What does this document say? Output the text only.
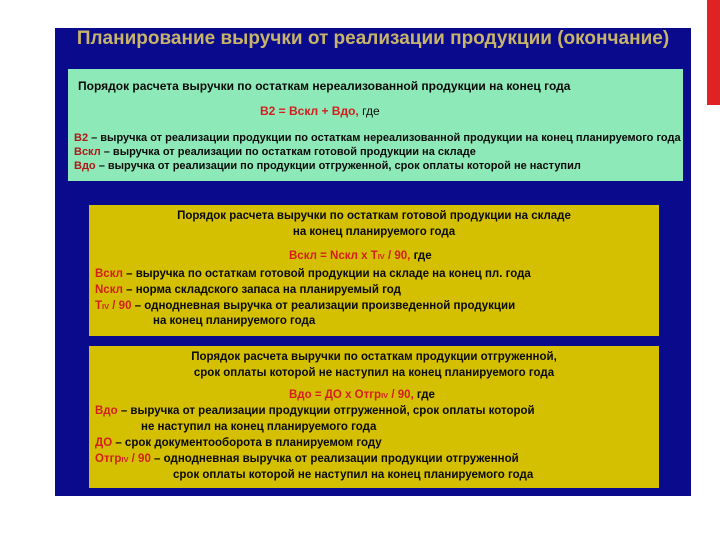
Планирование выручки от реализации продукции (окончание)
Порядок расчета выручки по остаткам нереализованной продукции на конец года
В2 = Вскл + Вдо, где
В2 – выручка от реализации продукции по остаткам нереализованной продукции на конец планируемого года
Вскл – выручка от реализации по остаткам готовой продукции на складе
Вдо – выручка от реализации по продукции отгруженной, срок оплаты которой не наступил
Порядок расчета выручки по остаткам готовой продукции на складе
на конец планируемого года
Вскл = Nскл х ТIV / 90, где
Вскл – выручка по остаткам готовой продукции на складе на конец пл. года
Nскл – норма складского запаса на планируемый год
ТIV / 90 – однодневная выручка от реализации произведенной продукции
на конец планируемого года
Порядок расчета выручки по остаткам продукции отгруженной,
срок оплаты которой не наступил на конец планируемого года
Вдо = ДО х ОтгрIV / 90, где
Вдо – выручка от реализации продукции отгруженной, срок оплаты которой
не наступил на конец планируемого года
ДО – срок документооборота в планируемом году
ОтгрIV / 90 – однодневная выручка от реализации продукции отгруженной
срок оплаты которой не наступил на конец планируемого года
